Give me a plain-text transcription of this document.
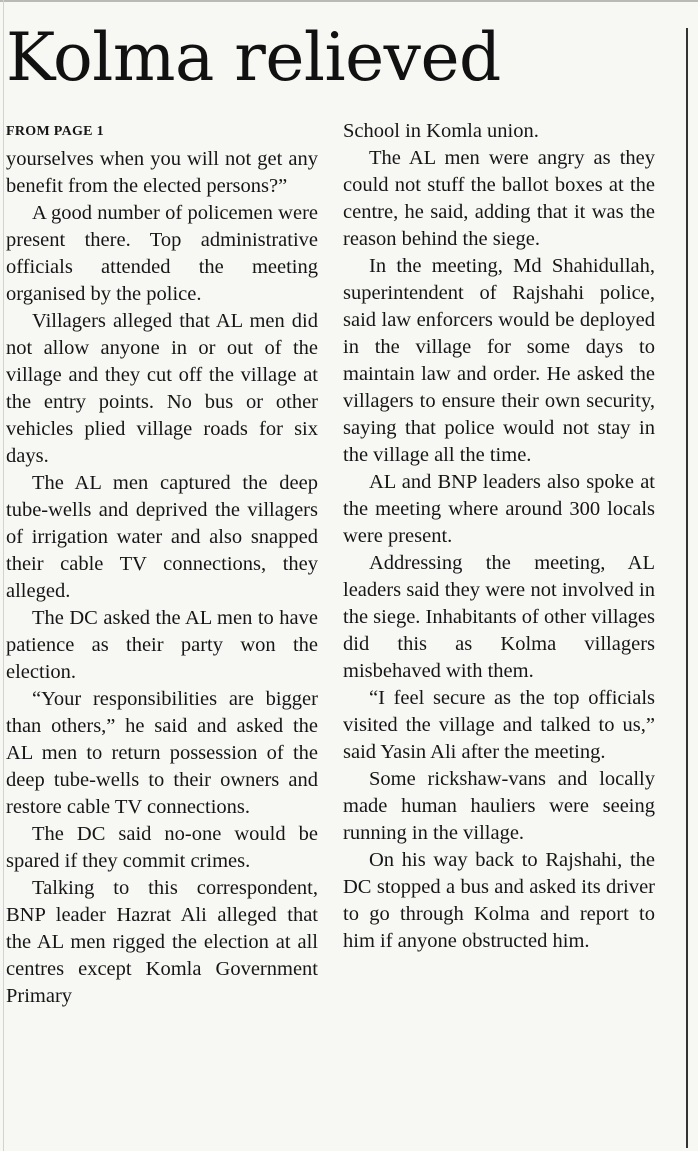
Kolma relieved
FROM PAGE 1

yourselves when you will not get any benefit from the elected persons?”

A good number of policemen were present there. Top administrative officials attended the meeting organised by the police.

Villagers alleged that AL men did not allow anyone in or out of the village and they cut off the village at the entry points. No bus or other vehicles plied village roads for six days.

The AL men captured the deep tube-wells and deprived the villagers of irrigation water and also snapped their cable TV connections, they alleged.

The DC asked the AL men to have patience as their party won the election.

“Your responsibilities are bigger than others,” he said and asked the AL men to return possession of the deep tube-wells to their owners and restore cable TV connections.

The DC said no-one would be spared if they commit crimes.

Talking to this correspondent, BNP leader Hazrat Ali alleged that the AL men rigged the election at all centres except Komla Government Primary

School in Komla union.

The AL men were angry as they could not stuff the ballot boxes at the centre, he said, adding that it was the reason behind the siege.

In the meeting, Md Shahidullah, superintendent of Rajshahi police, said law enforcers would be deployed in the village for some days to maintain law and order. He asked the villagers to ensure their own security, saying that police would not stay in the village all the time.

AL and BNP leaders also spoke at the meeting where around 300 locals were present.

Addressing the meeting, AL leaders said they were not involved in the siege. Inhabitants of other villages did this as Kolma villagers misbehaved with them.

“I feel secure as the top officials visited the village and talked to us,” said Yasin Ali after the meeting.

Some rickshaw-vans and locally made human hauliers were seeing running in the village.

On his way back to Rajshahi, the DC stopped a bus and asked its driver to go through Kolma and report to him if anyone obstructed him.
